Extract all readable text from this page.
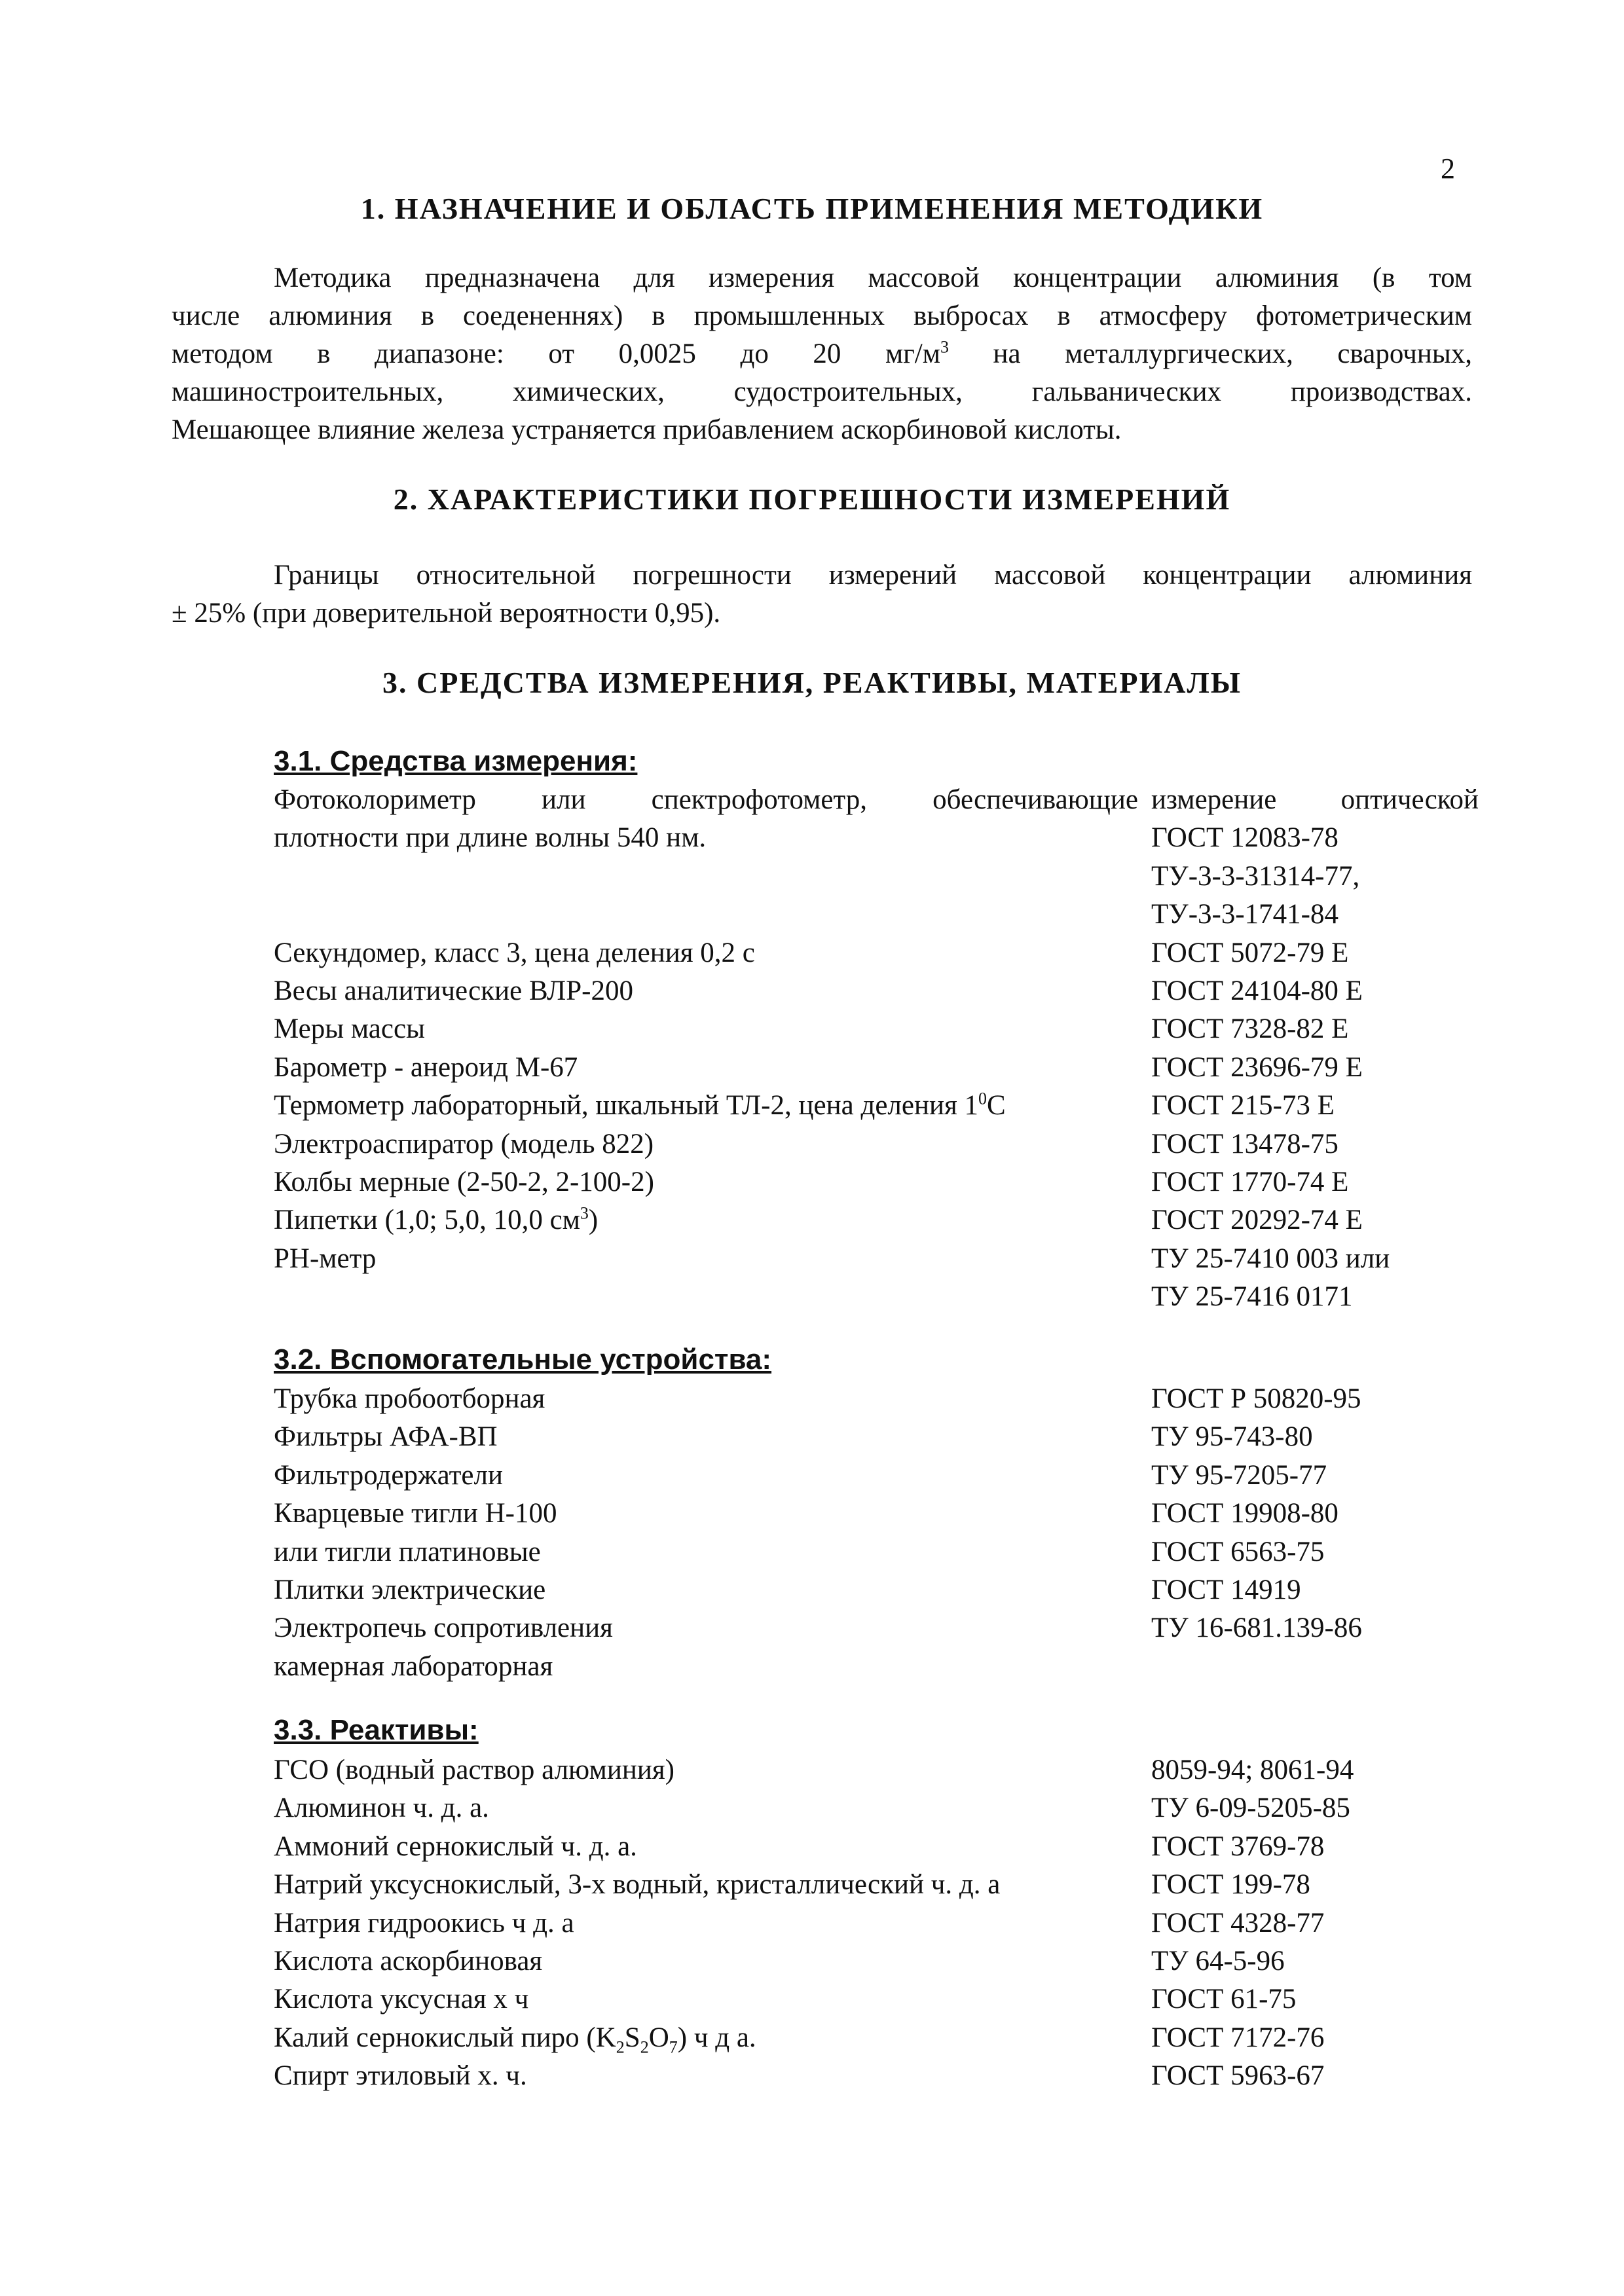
2
1. НАЗНАЧЕНИЕ И ОБЛАСТЬ ПРИМЕНЕНИЯ МЕТОДИКИ
Методика предназначена для измерения массовой концентрации алюминия (в том
числе алюминия в соедененнях) в промышленных выбросах в атмосферу фотометрическим
методом в диапазоне: от 0,0025 до 20 $мг/м^3$ на металлургических, сварочных,
машиностроительных, химических, судостроительных, гальванических производствах.
Мешающее влияние железа устраняется прибавлением аскорбиновой кислоты.
2. ХАРАКТЕРИСТИКИ ПОГРЕШНОСТИ ИЗМЕРЕНИЙ
Границы относительной погрешности измерений массовой концентрации алюминия
± 25% (при доверительной вероятности 0,95).
3. СРЕДСТВА ИЗМЕРЕНИЯ, РЕАКТИВЫ, МАТЕРИАЛЫ
3.1. Средства измерения:
Фотоколориметр или спектрофотометр, обеспечивающие измерение оптической
плотности при длине волны 540 нм.	ГОСТ 12083-78
ТУ-3-3-31314-77,
ТУ-3-3-1741-84
Секундомер, класс 3, цена деления 0,2 с	ГОСТ 5072-79 Е
Весы аналитические ВЛР-200	ГОСТ 24104-80 Е
Меры массы	ГОСТ 7328-82 Е
Барометр - анероид М-67	ГОСТ 23696-79 Е
Термометр лабораторный, шкальный ТЛ-2, цена деления $1^0С$	ГОСТ 215-73 Е
Электроаспиратор (модель 822)	ГОСТ 13478-75
Колбы мерные (2-50-2, 2-100-2)	ГОСТ 1770-74 Е
Пипетки (1,0; 5,0, 10,0 $см^3$)	ГОСТ 20292-74 Е
РН-метр	ТУ 25-7410 003 или
ТУ 25-7416 0171
3.2. Вспомогательные устройства:
Трубка пробоотборная	ГОСТ Р 50820-95
Фильтры АФА-ВП	ТУ 95-743-80
Фильтродержатели	ТУ 95-7205-77
Кварцевые тигли Н-100	ГОСТ 19908-80
или тигли платиновые	ГОСТ 6563-75
Плитки электрические	ГОСТ 14919
Электропечь сопротивления	ТУ 16-681.139-86
камерная лабораторная
3.3. Реактивы:
ГСО (водный раствор алюминия)	8059-94; 8061-94
Алюминон ч. д. а.	ТУ 6-09-5205-85
Аммоний сернокислый ч. д. а.	ГОСТ 3769-78
Натрий уксуснокислый, 3-х водный, кристаллический ч. д. а	ГОСТ 199-78
Натрия гидроокись ч д. а	ГОСТ 4328-77
Кислота аскорбиновая	ТУ 64-5-96
Кислота уксусная х ч	ГОСТ 61-75
Калий сернокислый пиро $(K_2S_2O_7)$ ч д а.	ГОСТ 7172-76
Спирт этиловый х. ч.	ГОСТ 5963-67
